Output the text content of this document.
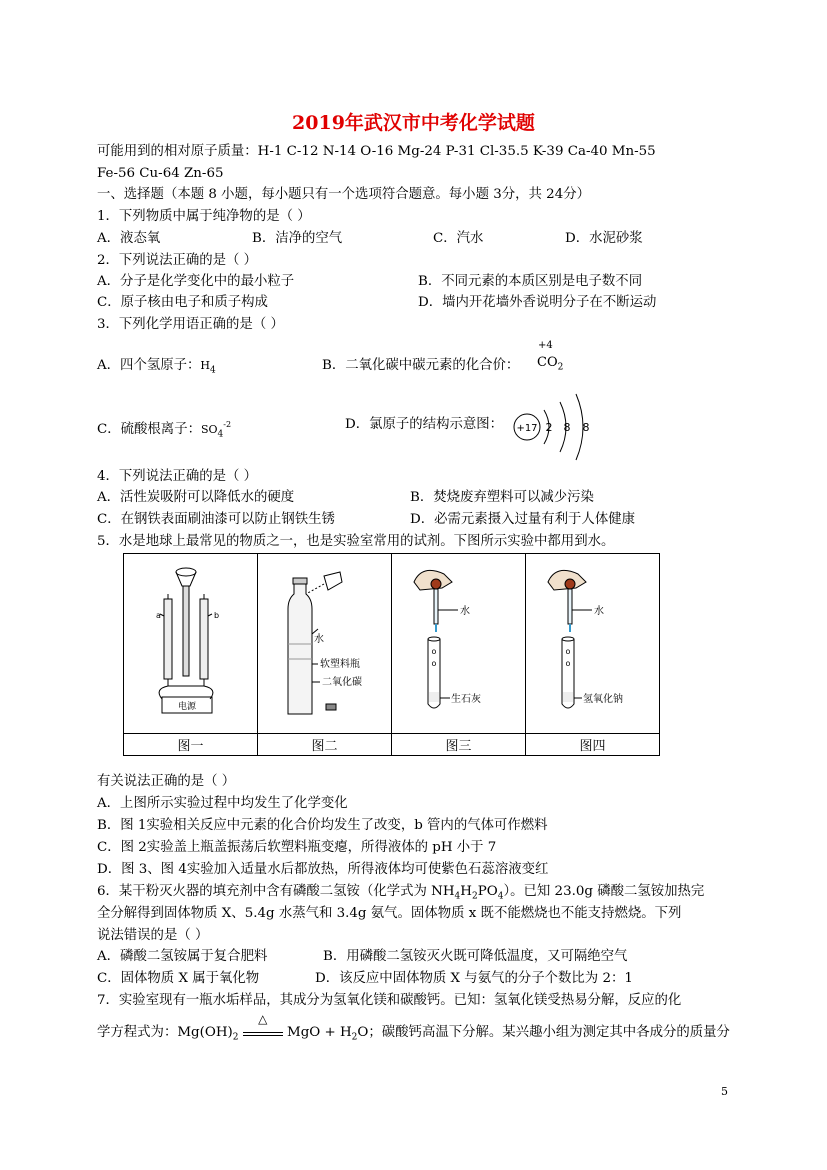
2019年武汉市中考化学试题
可能用到的相对原子质量：H-1 C-12 N-14 O-16 Mg-24 P-31 Cl-35.5 K-39 Ca-40 Mn-55
Fe-56 Cu-64 Zn-65
一、选择题（本题 8 小题，每小题只有一个选项符合题意。每小题 3分，共 24分）
1．下列物质中属于纯净物的是（ ）
A．液态氧	B．洁净的空气	C．汽水	D．水泥砂浆
2．下列说法正确的是（ ）
A．分子是化学变化中的最小粒子	B．不同元素的本质区别是电子数不同
C．原子核由电子和质子构成	D．墙内开花墙外香说明分子在不断运动
3．下列化学用语正确的是（ ）
A．四个氢原子：$H_4$	B．二氧化碳中碳元素的化合价：
+4
$CO_2$
C．硫酸根离子：$SO_4^{-2}$	D．氯原子的结构示意图： +17 2 8 8
4．下列说法正确的是（ ）
A．活性炭吸附可以降低水的硬度	B．焚烧废弃塑料可以减少污染
C．在钢铁表面刷油漆可以防止钢铁生锈	D．必需元素摄入过量有利于人体健康
5．水是地球上最常见的物质之一，也是实验室常用的试剂。下图所示实验中都用到水。
a b
电源	水
软塑料瓶
二氧化碳	水
o
o
生石灰	水
o
o
氢氧化钠

图一	图二	图三	图四
有关说法正确的是（ ）
A．上图所示实验过程中均发生了化学变化
B．图 1实验相关反应中元素的化合价均发生了改变，b 管内的气体可作燃料
C．图 2实验盖上瓶盖振荡后软塑料瓶变瘪，所得液体的 pH 小于 7
D．图 3、图 4实验加入适量水后都放热，所得液体均可使紫色石蕊溶液变红
6．某干粉灭火器的填充剂中含有磷酸二氢铵（化学式为 $NH_4H_2PO_4$）。已知 23.0g 磷酸二氢铵加热完
全分解得到固体物质 X、5.4g 水蒸气和 3.4g 氨气。固体物质 x 既不能燃烧也不能支持燃烧。下列
说法错误的是（ ）
A．磷酸二氢铵属于复合肥料	B．用磷酸二氢铵灭火既可降低温度，又可隔绝空气
C．固体物质 X 属于氧化物	D．该反应中固体物质 X 与氨气的分子个数比为 2：1
7．实验室现有一瓶水垢样品，其成分为氢氧化镁和碳酸钙。已知：氢氧化镁受热易分解，反应的化
学方程式为：$Mg(OH)_2$
△
MgO + $H_2O$；碳酸钙高温下分解。某兴趣小组为测定其中各成分的质量分
5
